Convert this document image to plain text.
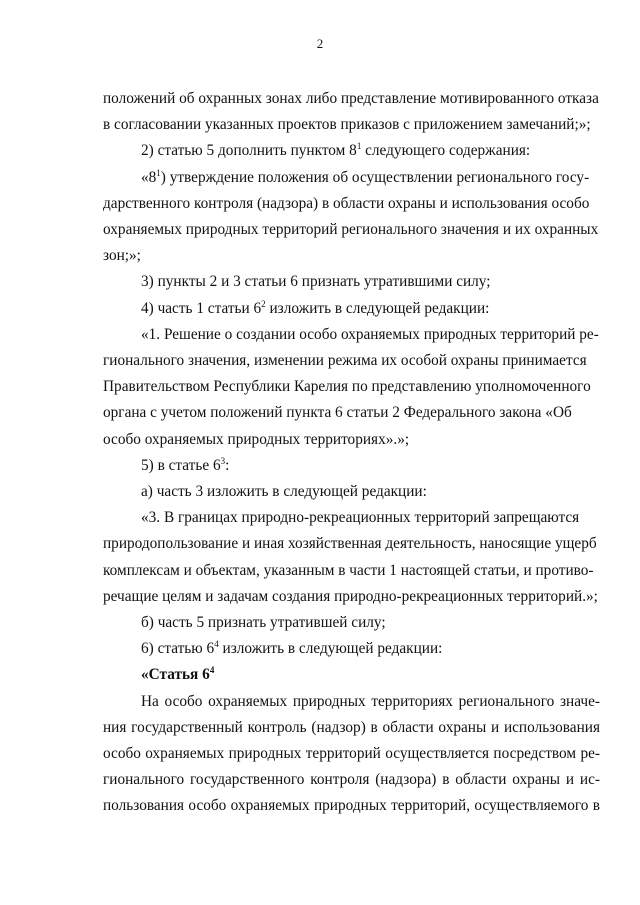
2

положений об охранных зонах либо представление мотивированного отказа
в согласовании указанных проектов приказов с приложением замечаний;»;

2) статью 5 дополнить пунктом $8^1$ следующего содержания:

«$8^1$) утверждение положения об осуществлении регионального госу-
дарственного контроля (надзора) в области охраны и использования особо
охраняемых природных территорий регионального значения и их охранных
зон;»;

3) пункты 2 и 3 статьи 6 признать утратившими силу;

4) часть 1 статьи $6^2$ изложить в следующей редакции:

«1. Решение о создании особо охраняемых природных территорий ре-
гионального значения, изменении режима их особой охраны принимается
Правительством Республики Карелия по представлению уполномоченного
органа с учетом положений пункта 6 статьи 2 Федерального закона «Об
особо охраняемых природных территориях».»;

5) в статье $6^3$:

а) часть 3 изложить в следующей редакции:

«3. В границах природно-рекреационных территорий запрещаются
природопользование и иная хозяйственная деятельность, наносящие ущерб
комплексам и объектам, указанным в части 1 настоящей статьи, и противо-
речащие целям и задачам создания природно-рекреационных территорий.»;

б) часть 5 признать утратившей силу;

6) статью $6^4$ изложить в следующей редакции:

«Статья $6^4$

На особо охраняемых природных территориях регионального значе-
ния государственный контроль (надзор) в области охраны и использования
особо охраняемых природных территорий осуществляется посредством ре-
гионального государственного контроля (надзора) в области охраны и ис-
пользования особо охраняемых природных территорий, осуществляемого в
